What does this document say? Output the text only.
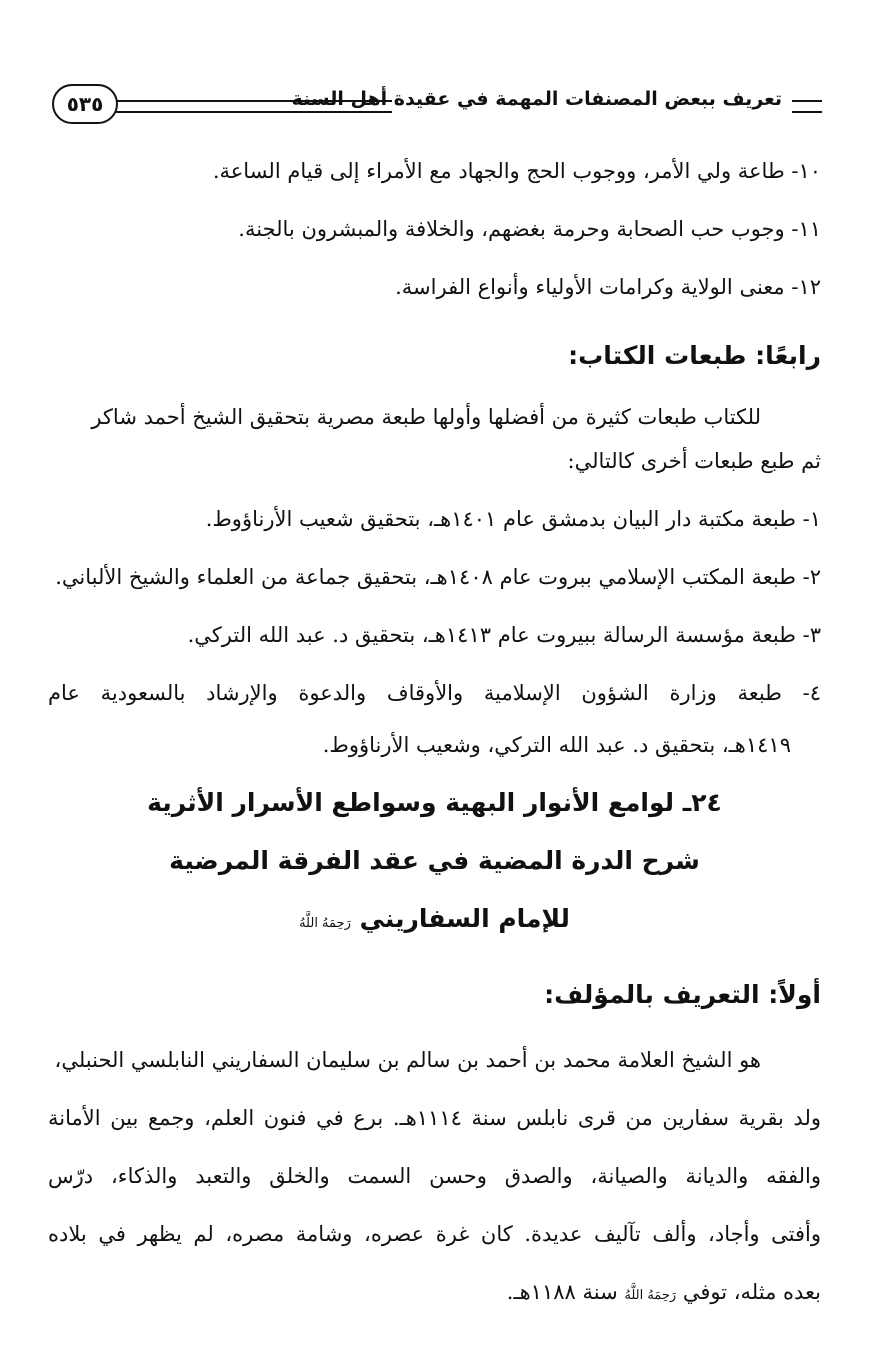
تعريف ببعض المصنفات المهمة في عقيدة أهل السنة
٥٣٥
١٠- طاعة ولي الأمر، ووجوب الحج والجهاد مع الأمراء إلى قيام الساعة.
١١- وجوب حب الصحابة وحرمة بغضهم، والخلافة والمبشرون بالجنة.
١٢- معنى الولاية وكرامات الأولياء وأنواع الفراسة.
رابعًا: طبعات الكتاب:
للكتاب طبعات كثيرة من أفضلها وأولها طبعة مصرية بتحقيق الشيخ أحمد شاكر
ثم طبع طبعات أخرى كالتالي:
١- طبعة مكتبة دار البيان بدمشق عام ١٤٠١هـ، بتحقيق شعيب الأرناؤوط.
٢- طبعة المكتب الإسلامي ببروت عام ١٤٠٨هـ، بتحقيق جماعة من العلماء والشيخ الألباني.
٣- طبعة مؤسسة الرسالة ببيروت عام ١٤١٣هـ، بتحقيق د. عبد الله التركي.
٤- طبعة وزارة الشؤون الإسلامية والأوقاف والدعوة والإرشاد بالسعودية عام
١٤١٩هـ، بتحقيق د. عبد الله التركي، وشعيب الأرناؤوط.
٢٤ـ لوامع الأنوار البهية وسواطع الأسرار الأثرية
شرح الدرة المضية في عقد الفرقة المرضية
للإمام السفاريني رَحِمَهُ اللَّهُ
أولاً: التعريف بالمؤلف:
هو الشيخ العلامة محمد بن أحمد بن سالم بن سليمان السفاريني النابلسي الحنبلي،
ولد بقرية سفارين من قرى نابلس سنة ١١١٤هـ. برع في فنون العلم، وجمع بين الأمانة
والفقه والديانة والصيانة، والصدق وحسن السمت والخلق والتعبد والذكاء، درّس
وأفتى وأجاد، وألف تآليف عديدة. كان غرة عصره، وشامة مصره، لم يظهر في بلاده
بعده مثله، توفي رَحِمَهُ اللَّهُ سنة ١١٨٨هـ.
